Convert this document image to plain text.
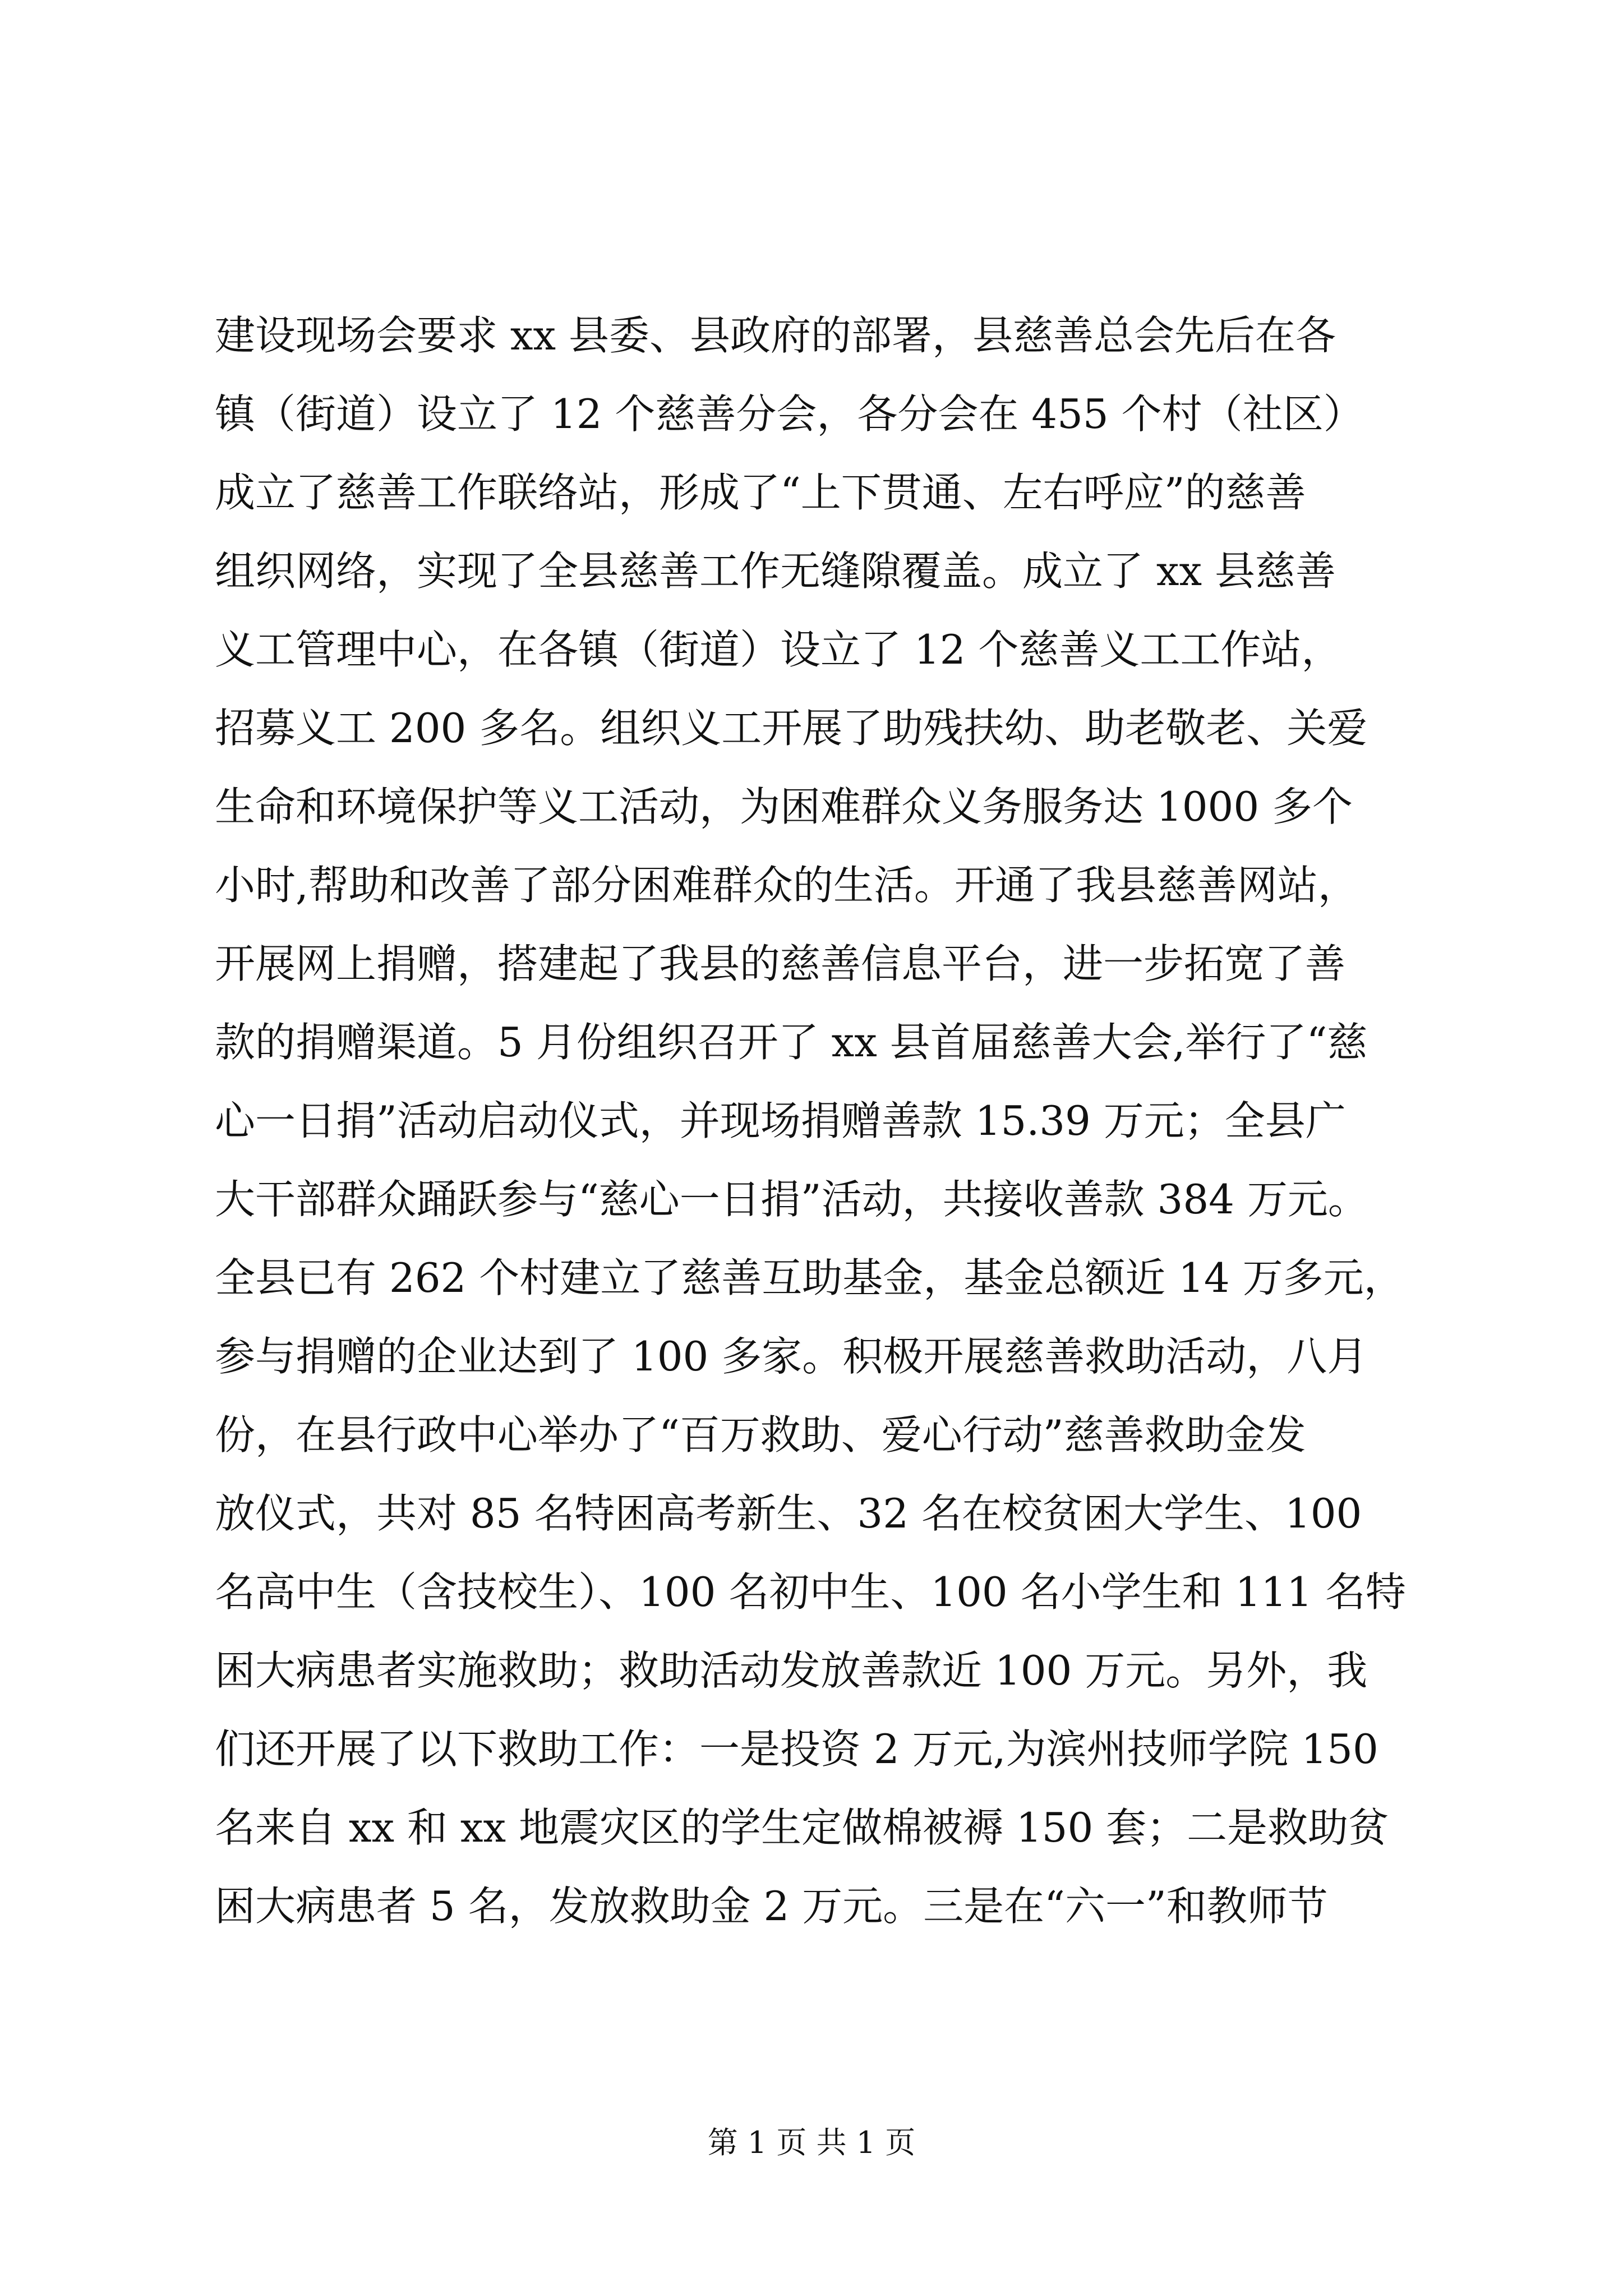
建设现场会要求 xx 县委、县政府的部署，县慈善总会先后在各
镇（街道）设立了 12 个慈善分会，各分会在 455 个村（社区）
成立了慈善工作联络站，形成了“上下贯通、左右呼应”的慈善
组织网络，实现了全县慈善工作无缝隙覆盖。成立了 xx 县慈善
义工管理中心，在各镇（街道）设立了 12 个慈善义工工作站，
招募义工 200 多名。组织义工开展了助残扶幼、助老敬老、关爱
生命和环境保护等义工活动，为困难群众义务服务达 1000 多个
小时,帮助和改善了部分困难群众的生活。开通了我县慈善网站，
开展网上捐赠，搭建起了我县的慈善信息平台，进一步拓宽了善
款的捐赠渠道。5 月份组织召开了 xx 县首届慈善大会,举行了“慈
心一日捐”活动启动仪式，并现场捐赠善款 15.39 万元；全县广
大干部群众踊跃参与“慈心一日捐”活动，共接收善款 384 万元。
全县已有 262 个村建立了慈善互助基金，基金总额近 14 万多元，
参与捐赠的企业达到了 100 多家。积极开展慈善救助活动，八月
份，在县行政中心举办了“百万救助、爱心行动”慈善救助金发
放仪式，共对 85 名特困高考新生、32 名在校贫困大学生、100
名高中生（含技校生）、100 名初中生、100 名小学生和 111 名特
困大病患者实施救助；救助活动发放善款近 100 万元。另外，我
们还开展了以下救助工作：一是投资 2 万元,为滨州技师学院 150
名来自 xx 和 xx 地震灾区的学生定做棉被褥 150 套；二是救助贫
困大病患者 5 名，发放救助金 2 万元。三是在“六一”和教师节
第 1 页 共 1 页
